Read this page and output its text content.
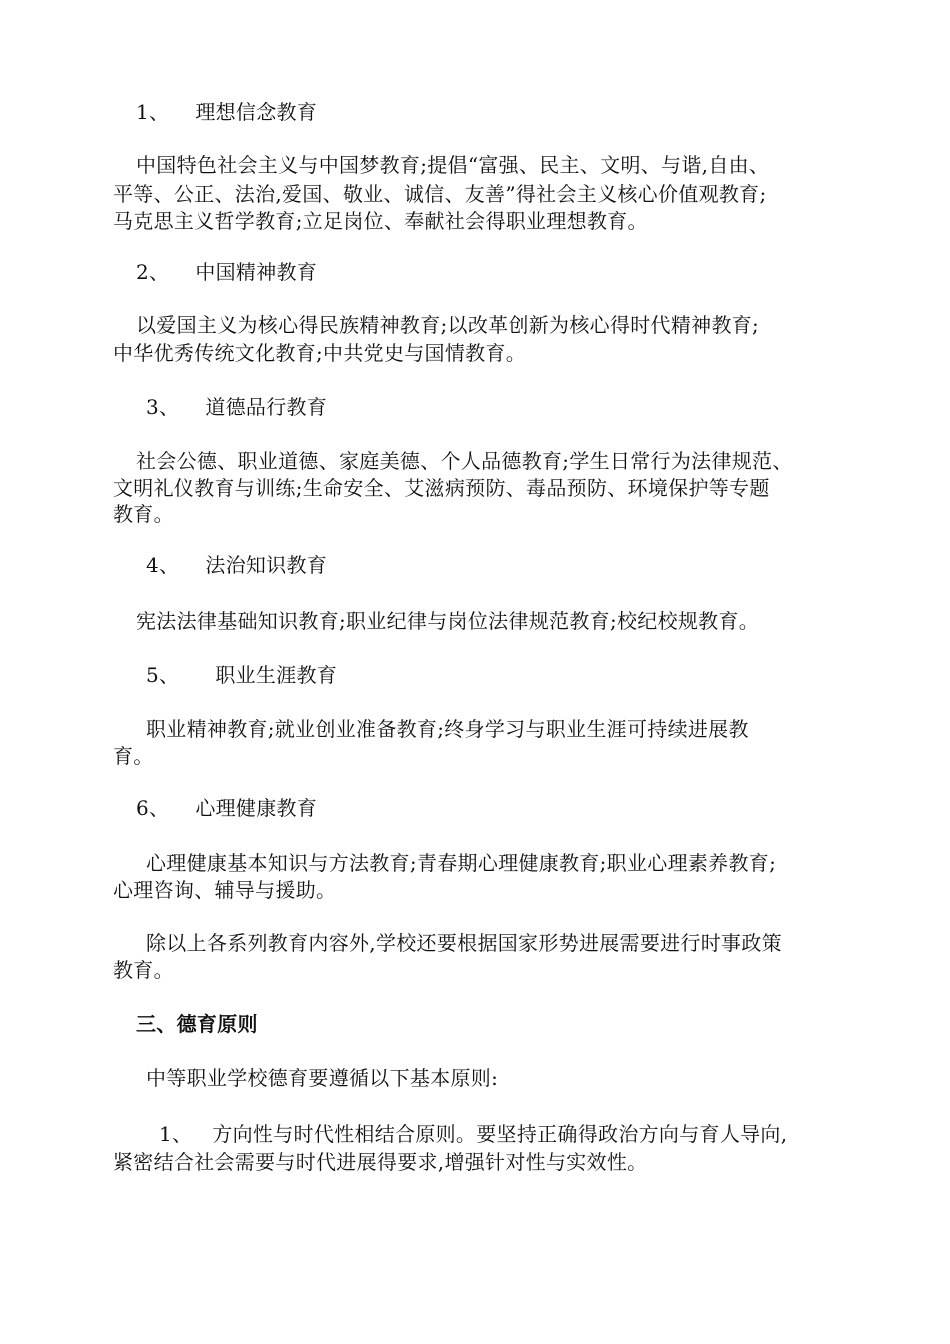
1、 理想信念教育
中国特色社会主义与中国梦教育;提倡“富强、民主、文明、与谐,自由、
平等、公正、法治,爱国、敬业、诚信、友善”得社会主义核心价值观教育;
马克思主义哲学教育;立足岗位、奉献社会得职业理想教育。
2、 中国精神教育
以爱国主义为核心得民族精神教育;以改革创新为核心得时代精神教育;
中华优秀传统文化教育;中共党史与国情教育。
3、 道德品行教育
社会公德、职业道德、家庭美德、个人品德教育;学生日常行为法律规范、
文明礼仪教育与训练;生命安全、艾滋病预防、毒品预防、环境保护等专题
教育。
4、 法治知识教育
宪法法律基础知识教育;职业纪律与岗位法律规范教育;校纪校规教育。
5、 职业生涯教育
职业精神教育;就业创业准备教育;终身学习与职业生涯可持续进展教
育。
6、 心理健康教育
心理健康基本知识与方法教育;青春期心理健康教育;职业心理素养教育;
心理咨询、辅导与援助。
除以上各系列教育内容外,学校还要根据国家形势进展需要进行时事政策
教育。
三、德育原则
中等职业学校德育要遵循以下基本原则:
1、 方向性与时代性相结合原则。要坚持正确得政治方向与育人导向,
紧密结合社会需要与时代进展得要求,增强针对性与实效性。
